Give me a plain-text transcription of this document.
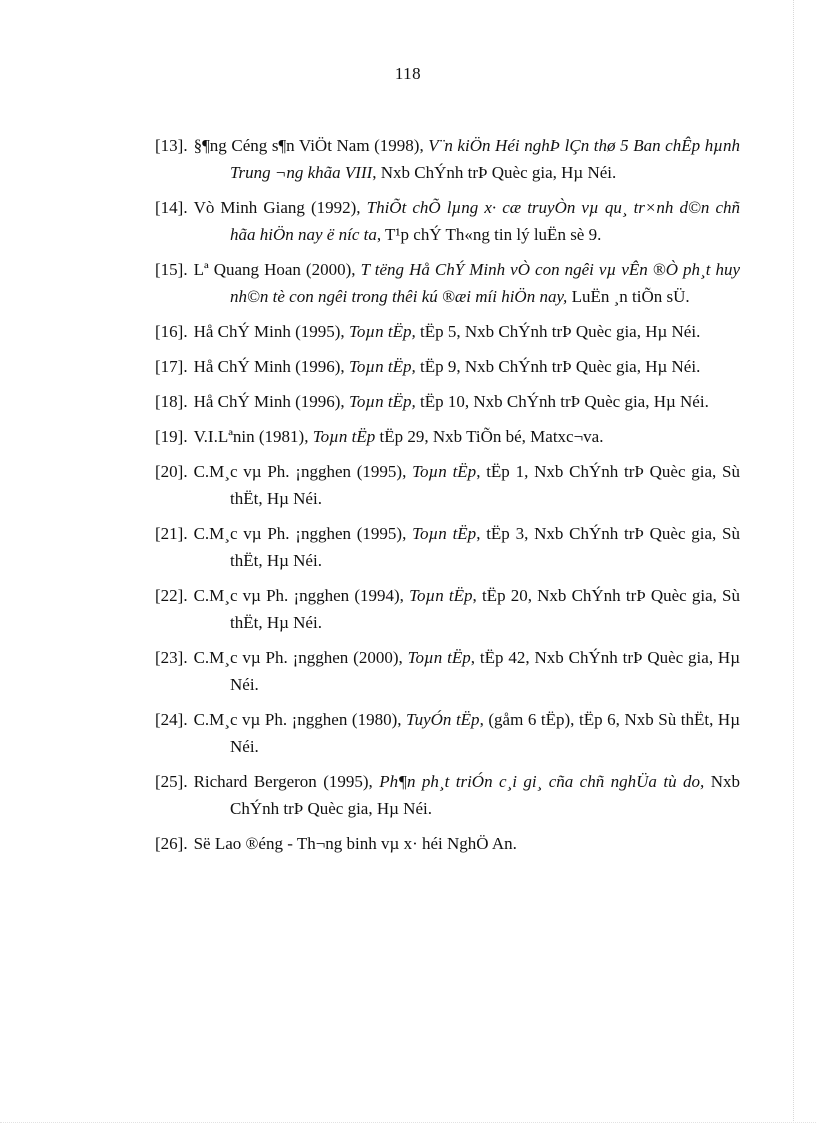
118
[13]. §¶ng Céng s¶n ViÖt Nam (1998), V¨n kiÖn Héi nghÞ lÇn thø 5 Ban chÊp hµnh Trung ¬ng khãa VIII, Nxb ChÝnh trÞ Quèc gia, Hµ Néi.
[14]. Vò Minh Giang (1992), ThiÕt chÕ lµng x· cæ truyÒn vµ qu¸ tr×nh d©n chñ hãa hiÖn nay ë níc ta, T¹p chÝ Th«ng tin lý luËn sè 9.
[15]. Lª Quang Hoan (2000), T tëng Hå ChÝ Minh vÒ con ngêi vµ vÊn ®Ò ph¸t huy nh©n tè con ngêi trong thêi kú ®æi míi hiÖn nay, LuËn ¸n tiÕn sÜ.
[16]. Hå ChÝ Minh (1995), Toµn tËp, tËp 5, Nxb ChÝnh trÞ Quèc gia, Hµ Néi.
[17]. Hå ChÝ Minh (1996), Toµn tËp, tËp 9, Nxb ChÝnh trÞ Quèc gia, Hµ Néi.
[18]. Hå ChÝ Minh (1996), Toµn tËp, tËp 10, Nxb ChÝnh trÞ Quèc gia, Hµ Néi.
[19]. V.I.Lªnin (1981), Toµn tËp tËp 29, Nxb TiÕn bé, Matxc¬va.
[20]. C.M¸c vµ Ph. ¡ngghen (1995), Toµn tËp, tËp 1, Nxb ChÝnh trÞ Quèc gia, Sù thËt, Hµ Néi.
[21]. C.M¸c vµ Ph. ¡ngghen (1995), Toµn tËp, tËp 3, Nxb ChÝnh trÞ Quèc gia, Sù thËt, Hµ Néi.
[22]. C.M¸c vµ Ph. ¡ngghen (1994), Toµn tËp, tËp 20, Nxb ChÝnh trÞ Quèc gia, Sù thËt, Hµ Néi.
[23]. C.M¸c vµ Ph. ¡ngghen (2000), Toµn tËp, tËp 42, Nxb ChÝnh trÞ Quèc gia, Hµ Néi.
[24]. C.M¸c vµ Ph. ¡ngghen (1980), TuyÓn tËp, (gåm 6 tËp), tËp 6, Nxb Sù thËt, Hµ Néi.
[25]. Richard Bergeron (1995), Ph¶n ph¸t triÓn c¸i gi¸ cña chñ nghÜa tù do, Nxb ChÝnh trÞ Quèc gia, Hµ Néi.
[26]. Së Lao ®éng - Th¬ng binh vµ x· héi NghÖ An.
